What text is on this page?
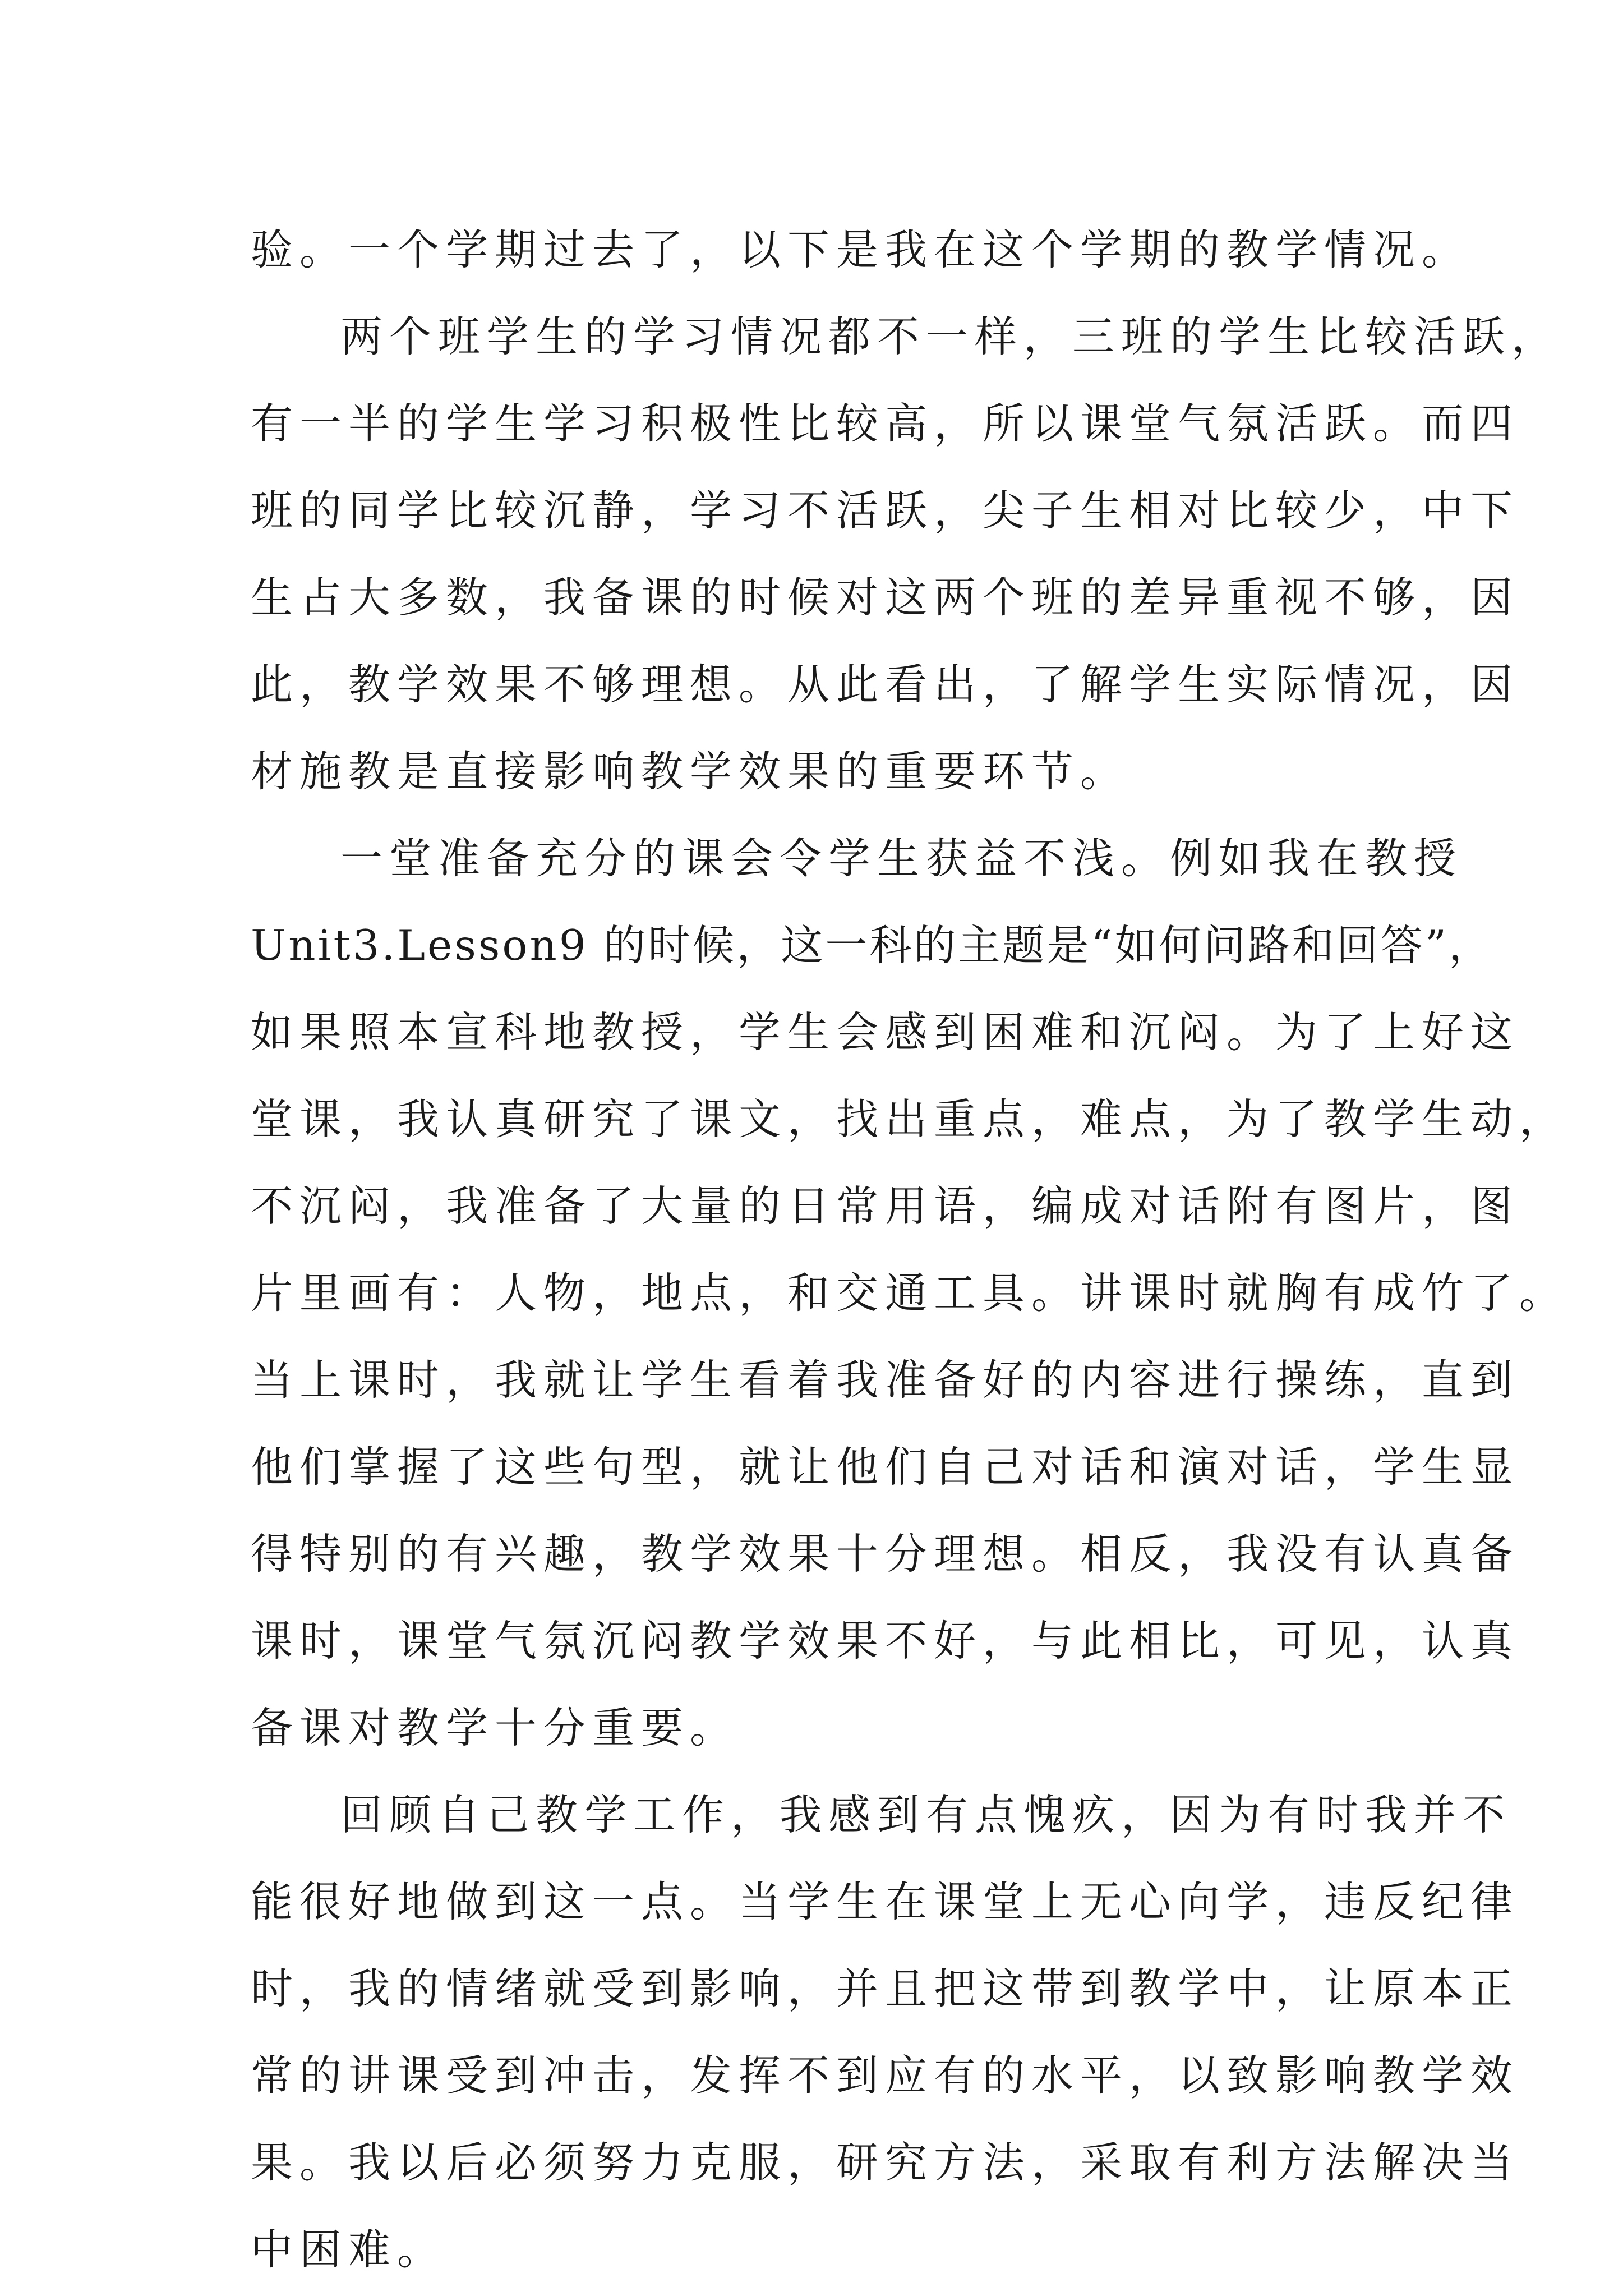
验。一个学期过去了，以下是我在这个学期的教学情况。
两个班学生的学习情况都不一样，三班的学生比较活跃，
有一半的学生学习积极性比较高，所以课堂气氛活跃。而四
班的同学比较沉静，学习不活跃，尖子生相对比较少，中下
生占大多数，我备课的时候对这两个班的差异重视不够，因
此，教学效果不够理想。从此看出，了解学生实际情况，因
材施教是直接影响教学效果的重要环节。
一堂准备充分的课会令学生获益不浅。例如我在教授
Unit3.Lesson9 的时候，这一科的主题是“如何问路和回答”，
如果照本宣科地教授，学生会感到困难和沉闷。为了上好这
堂课，我认真研究了课文，找出重点，难点，为了教学生动，
不沉闷，我准备了大量的日常用语，编成对话附有图片，图
片里画有：人物，地点，和交通工具。讲课时就胸有成竹了。
当上课时，我就让学生看着我准备好的内容进行操练，直到
他们掌握了这些句型，就让他们自己对话和演对话，学生显
得特别的有兴趣，教学效果十分理想。相反，我没有认真备
课时，课堂气氛沉闷教学效果不好，与此相比，可见，认真
备课对教学十分重要。
回顾自己教学工作，我感到有点愧疚，因为有时我并不
能很好地做到这一点。当学生在课堂上无心向学，违反纪律
时，我的情绪就受到影响，并且把这带到教学中，让原本正
常的讲课受到冲击，发挥不到应有的水平，以致影响教学效
果。我以后必须努力克服，研究方法，采取有利方法解决当
中困难。
